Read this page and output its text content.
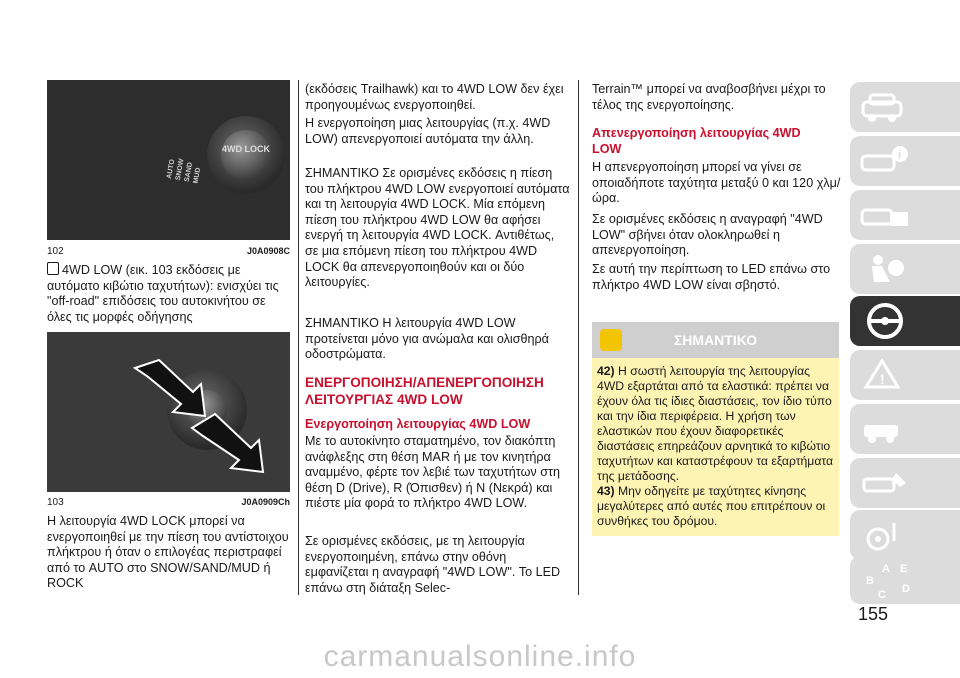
AUTO
SNOW
SAND
MUD
4WD LOCK
102	J0A0908C
4WD LOW (εικ. 103 εκδόσεις με αυτόματο κιβώτιο ταχυτήτων): ενισχύει τις "off-road" επιδόσεις του αυτοκινήτου σε όλες τις μορφές οδήγησης
103	J0A0909Ch

Η λειτουργία 4WD LOCK μπορεί να ενεργοποιηθεί με την πίεση του αντίστοιχου πλήκτρου ή όταν ο επιλογέας περιστραφεί από το AUTO στο SNOW/SAND/MUD ή ROCK

(εκδόσεις Trailhawk) και το 4WD LOW δεν έχει προηγουμένως ενεργοποιηθεί.

Η ενεργοποίηση μιας λειτουργίας (π.χ. 4WD LOW) απενεργοποιεί αυτόματα την άλλη.

ΣΗΜΑΝΤΙΚΟ Σε ορισμένες εκδόσεις η πίεση του πλήκτρου 4WD LOW ενεργοποιεί αυτόματα και τη λειτουργία 4WD LOCK. Μία επόμενη πίεση του πλήκτρου 4WD LOW θα αφήσει ενεργή τη λειτουργία 4WD LOCK. Αντιθέτως, σε μια επόμενη πίεση του πλήκτρου 4WD LOCK θα απενεργοποιηθούν και οι δύο λειτουργίες.

ΣΗΜΑΝΤΙΚΟ Η λειτουργία 4WD LOW προτείνεται μόνο για ανώμαλα και ολισθηρά οδοστρώματα.

ΕΝΕΡΓΟΠΟΙΗΣΗ/ΑΠΕΝΕΡΓΟΠΟΙΗΣΗ ΛΕΙΤΟΥΡΓΙΑΣ 4WD LOW
Ενεργοποίηση λειτουργίας 4WD LOW

Με το αυτοκίνητο σταματημένο, τον διακόπτη ανάφλεξης στη θέση MAR ή με τον κινητήρα αναμμένο, φέρτε τον λεβιέ των ταχυτήτων στη θέση D (Drive), R (Όπισθεν) ή N (Νεκρά) και πιέστε μία φορά το πλήκτρο 4WD LOW.

Σε ορισμένες εκδόσεις, με τη λειτουργία ενεργοποιημένη, επάνω στην οθόνη εμφανίζεται η αναγραφή "4WD LOW". Το LED επάνω στη διάταξη Selec-

Terrain™ μπορεί να αναβοσβήνει μέχρι το τέλος της ενεργοποίησης.

Απενεργοποίηση λειτουργίας 4WD LOW

Η απενεργοποίηση μπορεί να γίνει σε οποιαδήποτε ταχύτητα μεταξύ 0 και 120 χλμ/ώρα.

Σε ορισμένες εκδόσεις η αναγραφή "4WD LOW" σβήνει όταν ολοκληρωθεί η απενεργοποίηση.

Σε αυτή την περίπτωση το LED επάνω στο πλήκτρο 4WD LOW είναι σβηστό.

ΣΗΜΑΝΤΙΚΟ
42) Η σωστή λειτουργία της λειτουργίας 4WD εξαρτάται από τα ελαστικά: πρέπει να έχουν όλα τις ίδιες διαστάσεις, τον ίδιο τύπο και την ίδια περιφέρεια. Η χρήση των ελαστικών που έχουν διαφορετικές διαστάσεις επηρεάζουν αρνητικά το κιβώτιο ταχυτήτων και καταστρέφουν τα εξαρτήματα της μετάδοσης.
43) Μην οδηγείτε με ταχύτητες κίνησης μεγαλύτερες από αυτές που επιτρέπουν οι συνθήκες του δρόμου.
i
!
A
B
C D
E
155
carmanualsonline.info
